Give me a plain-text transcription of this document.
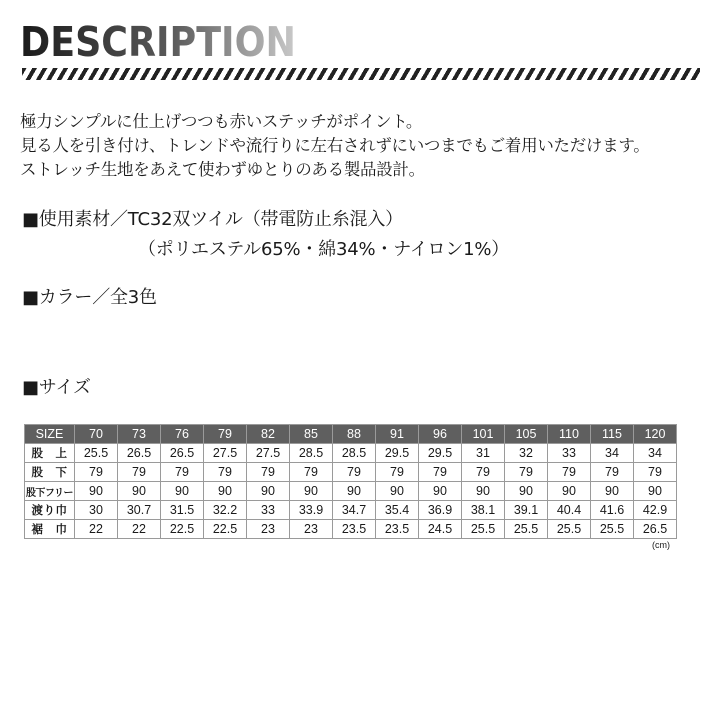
DESCRIPTION
極力シンプルに仕上げつつも赤いステッチがポイント。
見る人を引き付け、トレンドや流行りに左右されずにいつまでもご着用いただけます。
ストレッチ生地をあえて使わずゆとりのある製品設計。
■使用素材／TC32双ツイル（帯電防止糸混入）
（ポリエステル65%・綿34%・ナイロン1%）
■カラー／全3色
■サイズ
SIZE	70	73	76	79	82	85	88	91	96	101	105	110	115	120
股　上	25.5	26.5	26.5	27.5	27.5	28.5	28.5	29.5	29.5	31	32	33	34	34
股　下	79	79	79	79	79	79	79	79	79	79	79	79	79	79
股下フリー	90	90	90	90	90	90	90	90	90	90	90	90	90	90
渡り巾	30	30.7	31.5	32.2	33	33.9	34.7	35.4	36.9	38.1	39.1	40.4	41.6	42.9
裾　巾	22	22	22.5	22.5	23	23	23.5	23.5	24.5	25.5	25.5	25.5	25.5	26.5
(cm)
